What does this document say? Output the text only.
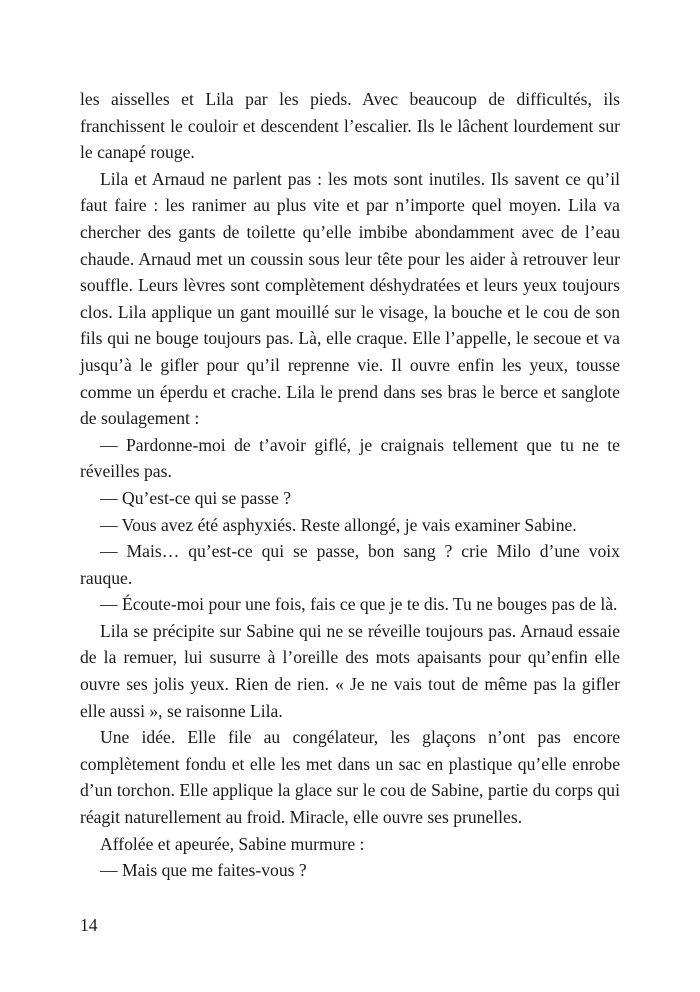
les aisselles et Lila par les pieds. Avec beaucoup de difficultés, ils franchissent le couloir et descendent l’escalier. Ils le lâchent lourdement sur le canapé rouge.

Lila et Arnaud ne parlent pas : les mots sont inutiles. Ils savent ce qu’il faut faire : les ranimer au plus vite et par n’importe quel moyen. Lila va chercher des gants de toilette qu’elle imbibe abondamment avec de l’eau chaude. Arnaud met un coussin sous leur tête pour les aider à retrouver leur souffle. Leurs lèvres sont complètement déshydratées et leurs yeux toujours clos. Lila applique un gant mouillé sur le visage, la bouche et le cou de son fils qui ne bouge toujours pas. Là, elle craque. Elle l’appelle, le secoue et va jusqu’à le gifler pour qu’il reprenne vie. Il ouvre enfin les yeux, tousse comme un éperdu et crache. Lila le prend dans ses bras le berce et sanglote de soulagement :

— Pardonne-moi de t’avoir giflé, je craignais tellement que tu ne te réveilles pas.

— Qu’est-ce qui se passe ?

— Vous avez été asphyxiés. Reste allongé, je vais examiner Sabine.

— Mais… qu’est-ce qui se passe, bon sang ? crie Milo d’une voix rauque.

— Écoute-moi pour une fois, fais ce que je te dis. Tu ne bouges pas de là.

Lila se précipite sur Sabine qui ne se réveille toujours pas. Arnaud essaie de la remuer, lui susurre à l’oreille des mots apaisants pour qu’enfin elle ouvre ses jolis yeux. Rien de rien. « Je ne vais tout de même pas la gifler elle aussi », se raisonne Lila.

Une idée. Elle file au congélateur, les glaçons n’ont pas encore complètement fondu et elle les met dans un sac en plastique qu’elle enrobe d’un torchon. Elle applique la glace sur le cou de Sabine, partie du corps qui réagit naturellement au froid. Miracle, elle ouvre ses prunelles.

Affolée et apeurée, Sabine murmure :

— Mais que me faites-vous ?

14
